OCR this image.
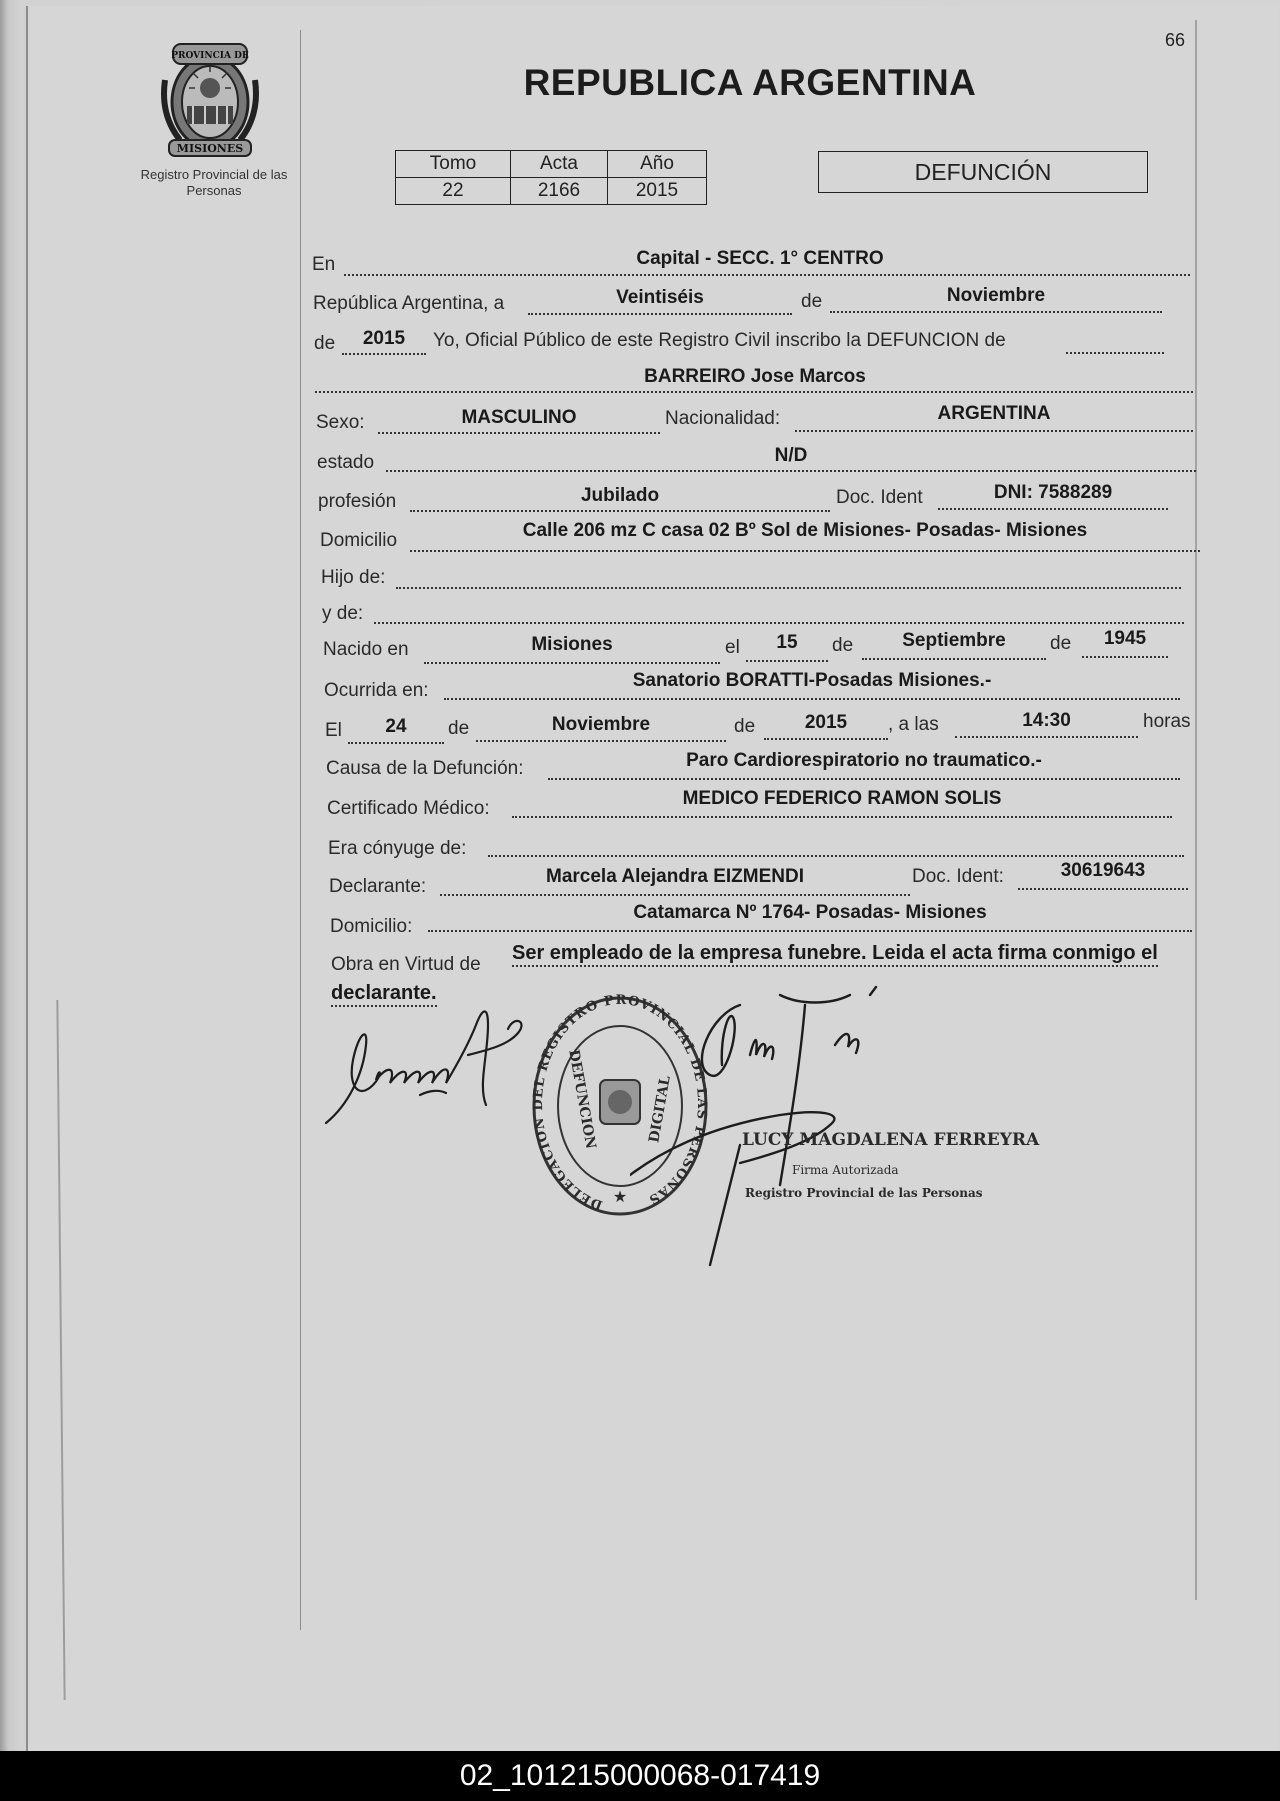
66
PROVINCIA DE
MISIONES
Registro Provincial de las Personas
REPUBLICA ARGENTINA
Tomo	Acta	Año
22	2166	2015
DEFUNCIÓN
En	Capital - SECC. 1° CENTRO
República Argentina, a	Veintiséis	de	Noviembre
de	2015	Yo, Oficial Público de este Registro Civil inscribo la DEFUNCION de
BARREIRO Jose Marcos
Sexo:	MASCULINO	Nacionalidad:	ARGENTINA
estado	N/D
profesión	Jubilado	Doc. Ident	DNI: 7588289
Domicilio	Calle 206 mz C casa 02 Bº Sol de Misiones- Posadas- Misiones
Hijo de:
y de:
Nacido en	Misiones	el	15	de	Septiembre	de	1945
Ocurrida en:	Sanatorio BORATTI-Posadas Misiones.-
El	24	de	Noviembre	de	2015	, a las	14:30	horas
Causa de la Defunción:	Paro Cardiorespiratorio no traumatico.-
Certificado Médico:	MEDICO FEDERICO RAMON SOLIS
Era cónyuge de:
Declarante:	Marcela Alejandra EIZMENDI	Doc. Ident:	30619643
Domicilio:
Catamarca Nº 1764- Posadas- Misiones
Obra en Virtud de
Ser empleado de la empresa funebre. Leida el acta firma conmigo el
declarante.
DELEGACION DEL REGISTRO PROVINCIAL DE LAS PERSONAS
DEFUNCION	DIGITAL
★
LUCY MAGDALENA FERREYRA
Firma Autorizada
Registro Provincial de las Personas
02_101215000068-017419
